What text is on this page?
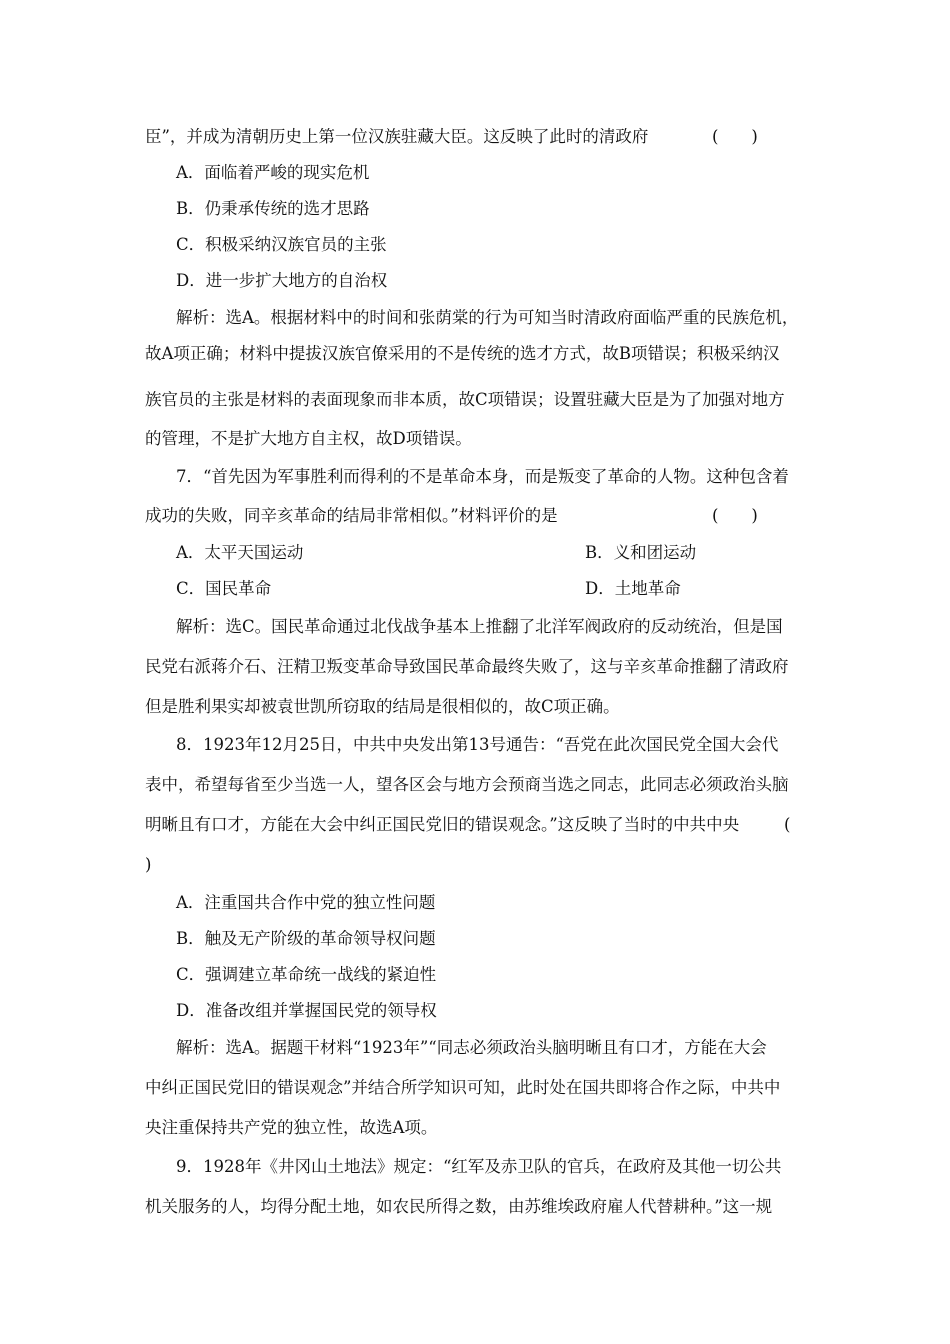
臣”，并成为清朝历史上第一位汉族驻藏大臣。这反映了此时的清政府	(　　)
A．面临着严峻的现实危机
B．仍秉承传统的选才思路
C．积极采纳汉族官员的主张
D．进一步扩大地方的自治权
解析：选A。根据材料中的时间和张荫棠的行为可知当时清政府面临严重的民族危机，
故A项正确；材料中提拔汉族官僚采用的不是传统的选才方式，故B项错误；积极采纳汉
族官员的主张是材料的表面现象而非本质，故C项错误；设置驻藏大臣是为了加强对地方
的管理，不是扩大地方自主权，故D项错误。
7．“首先因为军事胜利而得利的不是革命本身，而是叛变了革命的人物。这种包含着
成功的失败，同辛亥革命的结局非常相似。”材料评价的是	(　　)
A．太平天国运动	B．义和团运动
C．国民革命	D．土地革命
解析：选C。国民革命通过北伐战争基本上推翻了北洋军阀政府的反动统治，但是国
民党右派蒋介石、汪精卫叛变革命导致国民革命最终失败了，这与辛亥革命推翻了清政府
但是胜利果实却被袁世凯所窃取的结局是很相似的，故C项正确。
8．1923年12月25日，中共中央发出第13号通告：“吾党在此次国民党全国大会代
表中，希望每省至少当选一人，望各区会与地方会预商当选之同志，此同志必须政治头脑
明晰且有口才，方能在大会中纠正国民党旧的错误观念。”这反映了当时的中共中央	(
)
A．注重国共合作中党的独立性问题
B．触及无产阶级的革命领导权问题
C．强调建立革命统一战线的紧迫性
D．准备改组并掌握国民党的领导权
解析：选A。据题干材料“1923年”“同志必须政治头脑明晰且有口才，方能在大会
中纠正国民党旧的错误观念”并结合所学知识可知，此时处在国共即将合作之际，中共中
央注重保持共产党的独立性，故选A项。
9．1928年《井冈山土地法》规定：“红军及赤卫队的官兵，在政府及其他一切公共
机关服务的人，均得分配土地，如农民所得之数，由苏维埃政府雇人代替耕种。”这一规
